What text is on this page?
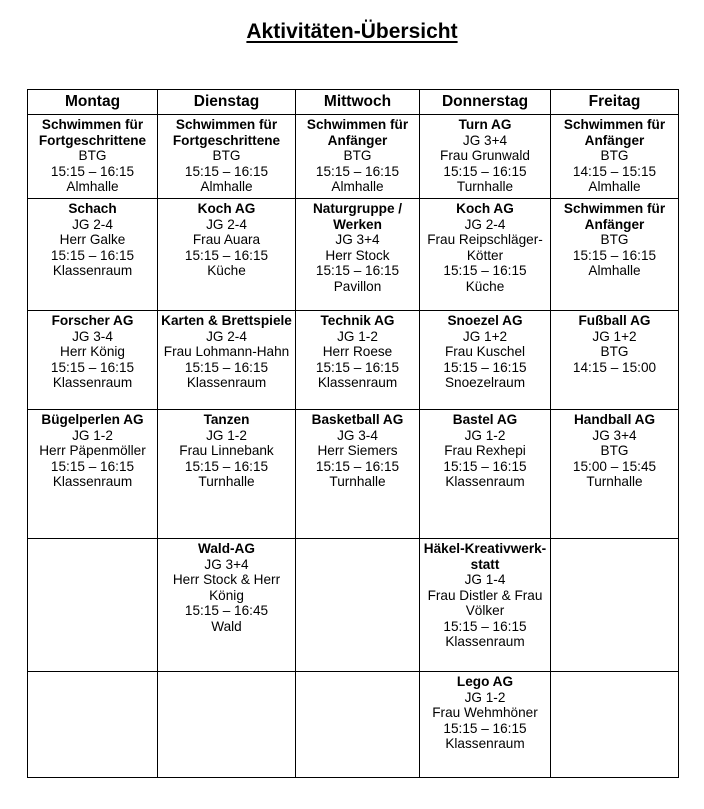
Aktivitäten-Übersicht
Montag	Dienstag	Mittwoch	Donnerstag	Freitag

Schwimmen für Fortgeschrittene
BTG
15:15 – 16:15
Almhalle	Schwimmen für Fortgeschrittene
BTG
15:15 – 16:15
Almhalle	Schwimmen für Anfänger
BTG
15:15 – 16:15
Almhalle	Turn AG
JG 3+4
Frau Grunwald
15:15 – 16:15
Turnhalle	Schwimmen für Anfänger
BTG
14:15 – 15:15
Almhalle

Schach
JG 2-4
Herr Galke
15:15 – 16:15
Klassenraum	Koch AG
JG 2-4
Frau Auara
15:15 – 16:15
Küche	Naturgruppe / Werken
JG 3+4
Herr Stock
15:15 – 16:15
Pavillon	Koch AG
JG 2-4
Frau Reipschläger-Kötter
15:15 – 16:15
Küche	Schwimmen für Anfänger
BTG
15:15 – 16:15
Almhalle

Forscher AG
JG 3-4
Herr König
15:15 – 16:15
Klassenraum	Karten & Brettspiele
JG 2-4
Frau Lohmann-Hahn
15:15 – 16:15
Klassenraum	Technik AG
JG 1-2
Herr Roese
15:15 – 16:15
Klassenraum	Snoezel AG
JG 1+2
Frau Kuschel
15:15 – 16:15
Snoezelraum	Fußball AG
JG 1+2
BTG
14:15 – 15:00

Bügelperlen AG
JG 1-2
Herr Päpenmöller
15:15 – 16:15
Klassenraum	Tanzen
JG 1-2
Frau Linnebank
15:15 – 16:15
Turnhalle	Basketball AG
JG 3-4
Herr Siemers
15:15 – 16:15
Turnhalle	Bastel AG
JG 1-2
Frau Rexhepi
15:15 – 16:15
Klassenraum	Handball AG
JG 3+4
BTG
15:00 – 15:45
Turnhalle

	Wald-AG
JG 3+4
Herr Stock & Herr König
15:15 – 16:45
Wald		Häkel-Kreativwerk-statt
JG 1-4
Frau Distler & Frau Völker
15:15 – 16:15
Klassenraum	

			Lego AG
JG 1-2
Frau Wehmhöner
15:15 – 16:15
Klassenraum	
